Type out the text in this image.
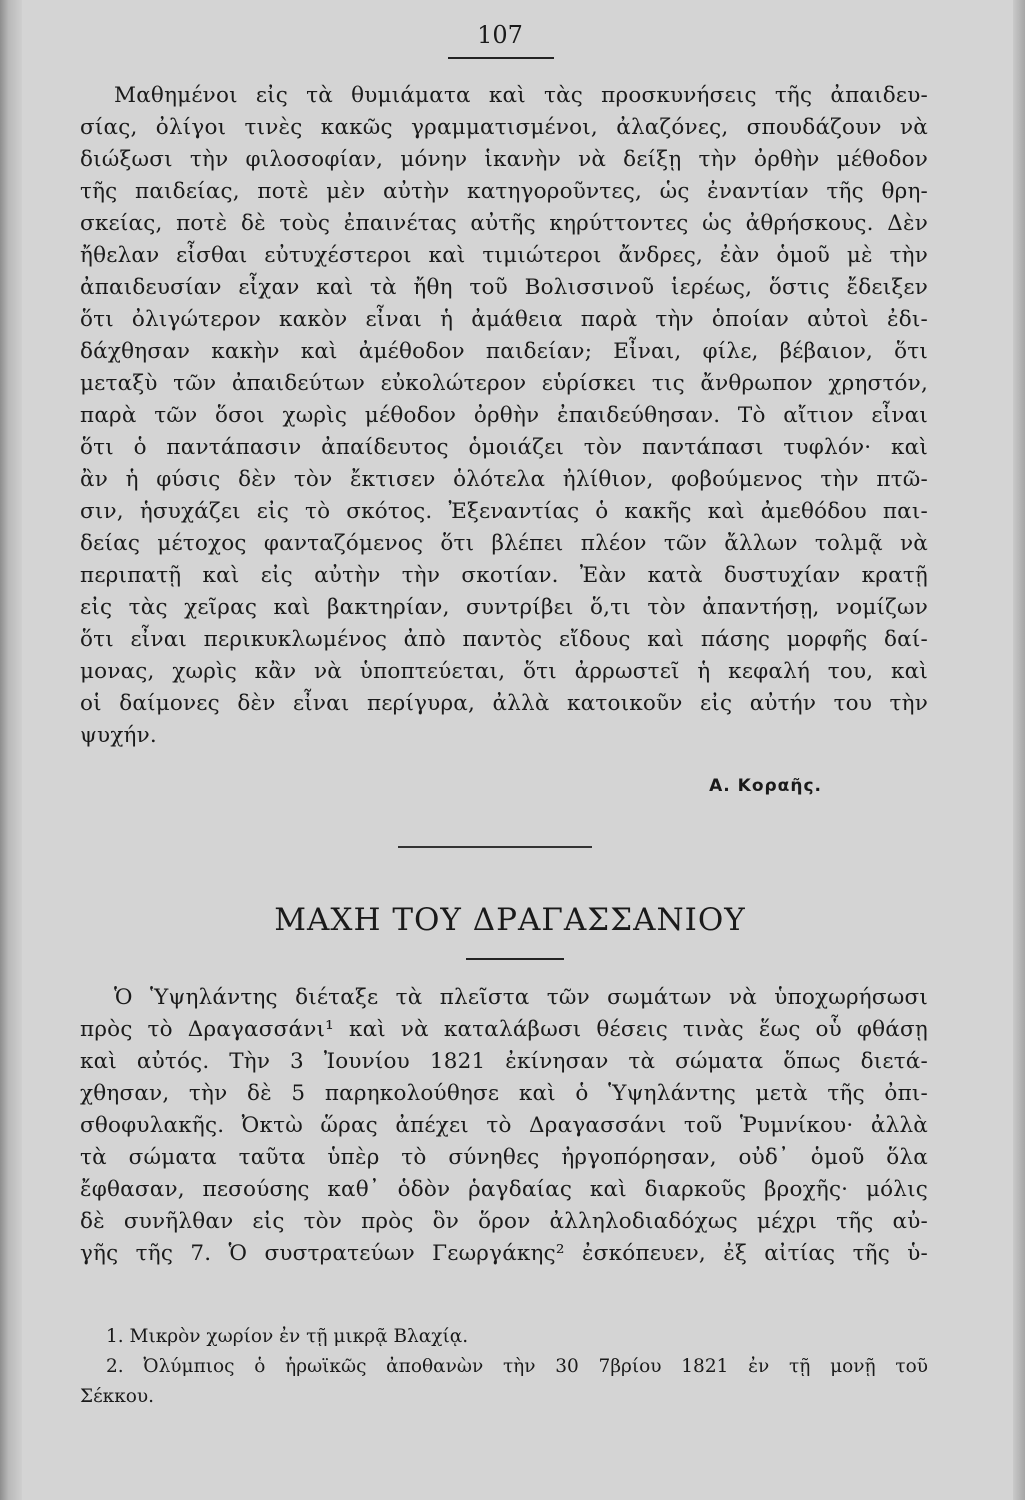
107
Μαθημένοι εἰς τὰ θυμιάματα καὶ τὰς προσκυνήσεις τῆς ἀπαιδευ-
σίας, ὀλίγοι τινὲς κακῶς γραμματισμένοι, ἀλαζόνες, σπουδάζουν νὰ
διώξωσι τὴν φιλοσοφίαν, μόνην ἱκανὴν νὰ δείξῃ τὴν ὀρθὴν μέθοδον
τῆς παιδείας, ποτὲ μὲν αὐτὴν κατηγοροῦντες, ὡς ἐναντίαν τῆς θρη-
σκείας, ποτὲ δὲ τοὺς ἐπαινέτας αὐτῆς κηρύττοντες ὡς ἀθρήσκους. Δὲν
ἤθελαν εἶσθαι εὐτυχέστεροι καὶ τιμιώτεροι ἄνδρες, ἐὰν ὁμοῦ μὲ τὴν
ἀπαιδευσίαν εἶχαν καὶ τὰ ἤθη τοῦ Βολισσινοῦ ἱερέως, ὅστις ἔδειξεν
ὅτι ὀλιγώτερον κακὸν εἶναι ἡ ἀμάθεια παρὰ τὴν ὁποίαν αὐτοὶ ἐδι-
δάχθησαν κακὴν καὶ ἀμέθοδον παιδείαν; Εἶναι, φίλε, βέβαιον, ὅτι
μεταξὺ τῶν ἀπαιδεύτων εὐκολώτερον εὑρίσκει τις ἄνθρωπον χρηστόν,
παρὰ τῶν ὅσοι χωρὶς μέθοδον ὀρθὴν ἐπαιδεύθησαν. Τὸ αἴτιον εἶναι
ὅτι ὁ παντάπασιν ἀπαίδευτος ὁμοιάζει τὸν παντάπασι τυφλόν· καὶ
ἂν ἡ φύσις δὲν τὸν ἔκτισεν ὁλότελα ἠλίθιον, φοβούμενος τὴν πτῶ-
σιν, ἡσυχάζει εἰς τὸ σκότος. Ἐξεναντίας ὁ κακῆς καὶ ἀμεθόδου παι-
δείας μέτοχος φανταζόμενος ὅτι βλέπει πλέον τῶν ἄλλων τολμᾷ νὰ
περιπατῇ καὶ εἰς αὐτὴν τὴν σκοτίαν. Ἐὰν κατὰ δυστυχίαν κρατῇ
εἰς τὰς χεῖρας καὶ βακτηρίαν, συντρίβει ὅ,τι τὸν ἀπαντήσῃ, νομίζων
ὅτι εἶναι περικυκλωμένος ἀπὸ παντὸς εἴδους καὶ πάσης μορφῆς δαί-
μονας, χωρὶς κἂν νὰ ὑποπτεύεται, ὅτι ἀρρωστεῖ ἡ κεφαλή του, καὶ
οἱ δαίμονες δὲν εἶναι περίγυρα, ἀλλὰ κατοικοῦν εἰς αὐτήν του τὴν
ψυχήν.
Α. Κοραῆς.
ΜΑΧΗ ΤΟΥ ΔΡΑΓΑΣΣΑΝΙΟΥ
Ὁ Ὑψηλάντης διέταξε τὰ πλεῖστα τῶν σωμάτων νὰ ὑποχωρήσωσι
πρὸς τὸ Δραγασσάνι¹ καὶ νὰ καταλάβωσι θέσεις τινὰς ἕως οὗ φθάσῃ
καὶ αὐτός. Τὴν 3 Ἰουνίου 1821 ἐκίνησαν τὰ σώματα ὅπως διετά-
χθησαν, τὴν δὲ 5 παρηκολούθησε καὶ ὁ Ὑψηλάντης μετὰ τῆς ὀπι-
σθοφυλακῆς. Ὀκτὼ ὥρας ἀπέχει τὸ Δραγασσάνι τοῦ Ῥυμνίκου· ἀλλὰ
τὰ σώματα ταῦτα ὑπὲρ τὸ σύνηθες ἠργοπόρησαν, οὐδ᾽ ὁμοῦ ὅλα
ἔφθασαν, πεσούσης καθ᾽ ὁδὸν ῥαγδαίας καὶ διαρκοῦς βροχῆς· μόλις
δὲ συνῆλθαν εἰς τὸν πρὸς ὃν ὅρον ἀλληλοδιαδόχως μέχρι τῆς αὐ-
γῆς τῆς 7. Ὁ συστρατεύων Γεωργάκης² ἐσκόπευεν, ἐξ αἰτίας τῆς ὑ-
1. Μικρὸν χωρίον ἐν τῇ μικρᾷ Βλαχίᾳ.
2. Ὀλύμπιος ὁ ἡρωϊκῶς ἀποθανὼν τὴν 30 7βρίου 1821 ἐν τῇ μονῇ τοῦ
Σέκκου.
